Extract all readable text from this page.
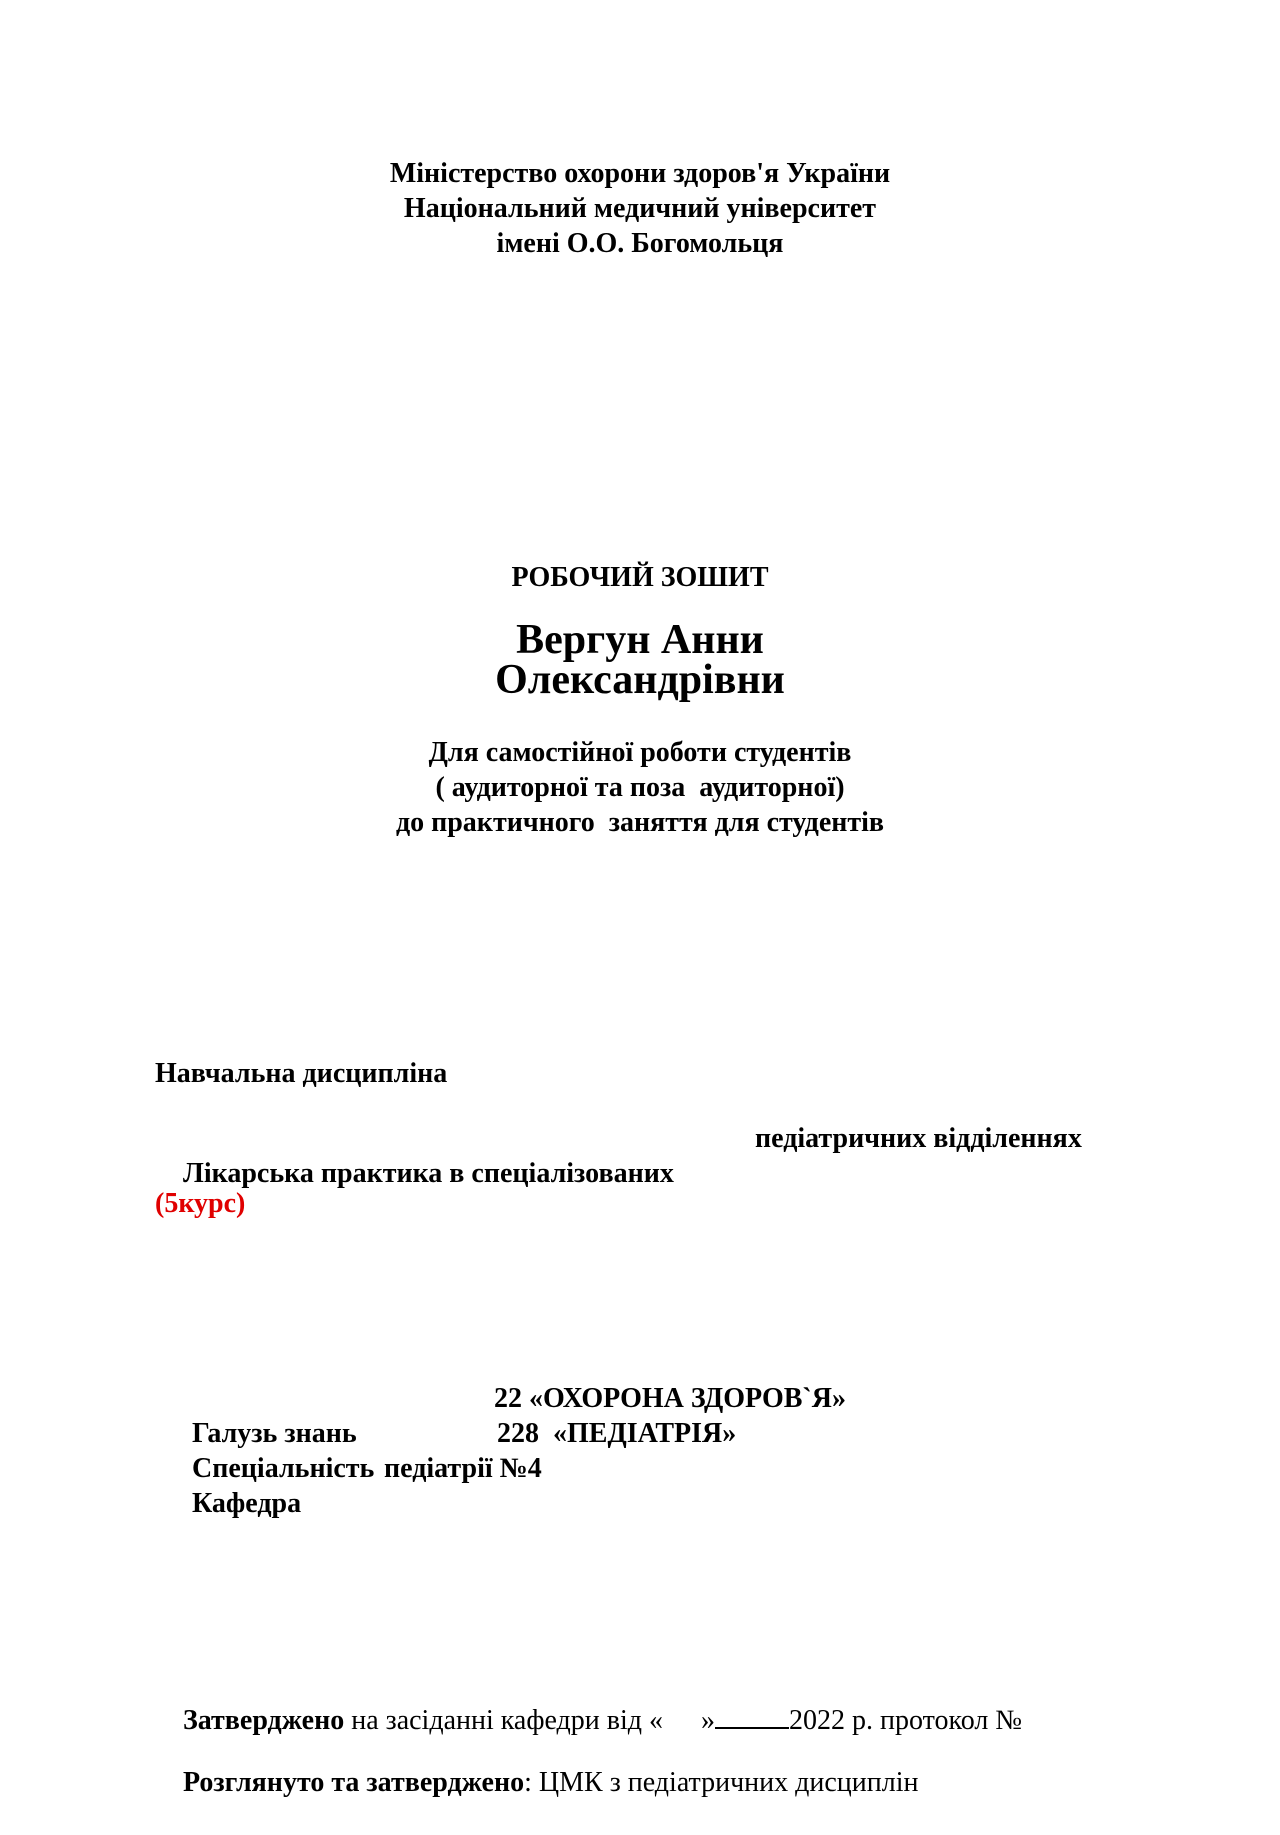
Міністерство охорони здоров'я України
Національний медичний університет
імені О.О. Богомольця
РОБОЧИЙ ЗОШИТ
Вергун Анни
Олександрівни
Для самостійної роботи студентів
( аудиторної та поза  аудиторної)
до практичного  заняття для студентів
Навчальна дисципліна

Лікарська практика в спеціалізованих

педіатричних відділеннях

(5курс)

Галузь знань

22 «ОХОРОНА ЗДОРОВ`Я»

Спеціальність

228  «ПЕДІАТРІЯ»

Кафедра

педіатрії №4

Затверджено на засіданні кафедри від « »	2022 р. протокол №

Розглянуто та затверджено: ЦМК з педіатричних дисциплін
